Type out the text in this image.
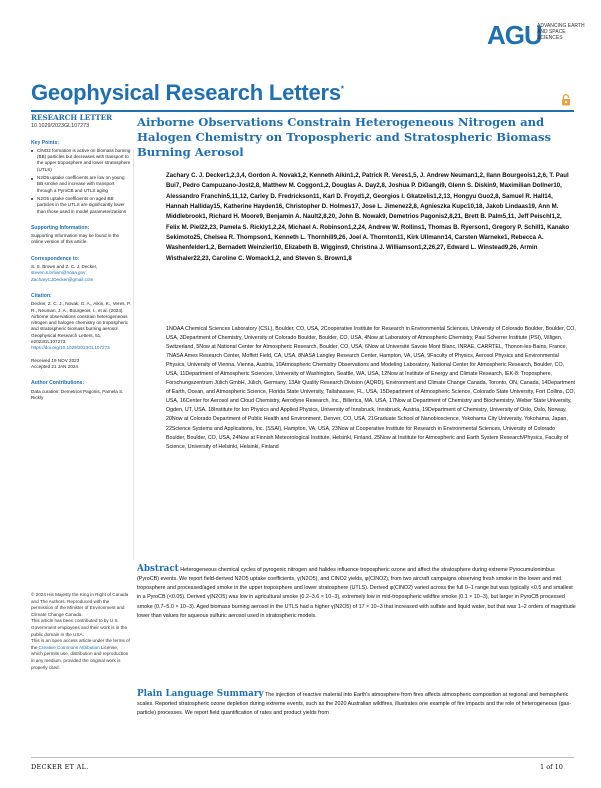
AGU
ADVANCING EARTH AND SPACE SCIENCES
Geophysical Research Letters*
RESEARCH LETTER
10.1029/2023GL107273
Key Points:
ClNO2 formation is active on biomass burning (BB) particles but decreases with transport to the upper troposphere and lower stratosphere (UTLS)
N2O5 uptake coefficients are low on young BB smoke and increase with transport through a PyroCB and UTLS aging
N2O5 uptake coefficients on aged BB particles in the UTLS are significantly lower than those used in model parameterizations
Supporting Information:
Supporting Information may be found in the online version of this article.
Correspondence to:
S. S. Brown and Z. C. J. Decker,
steven.s.brown@noaa.gov;
ZacharyCJDecker@gmail.com
Citation:
Decker, Z. C. J., Novak, G. A., Aikin, K., Veres, P. R., Neuman, J. A., Bourgeois, I., et al. (2024). Airborne observations constrain heterogeneous nitrogen and halogen chemistry on tropospheric and stratospheric biomass burning aerosol. Geophysical Research Letters, 51, e2023GL107273. https://doi.org/10.1029/2023GL107273
Received 19 NOV 2023
Accepted 21 JAN 2024
Author Contributions:
Data curation: Demetrios Pagonis, Pamela S. Rickly
© 2024 His Majesty the King in Right of Canada and The Authors. Reproduced with the permission of the Minister of Environment and Climate Change Canada.
This article has been contributed to by U.S. Government employees and their work is in the public domain in the USA.
This is an open access article under the terms of the Creative Commons Attribution License, which permits use, distribution and reproduction in any medium, provided the original work is properly cited.
Airborne Observations Constrain Heterogeneous Nitrogen and Halogen Chemistry on Tropospheric and Stratospheric Biomass Burning Aerosol
Zachary C. J. Decker1,2,3,4, Gordon A. Novak1,2, Kenneth Aikin1,2, Patrick R. Veres1,5, J. Andrew Neuman1,2, Ilann Bourgeois1,2,6, T. Paul Bui7, Pedro Campuzano-Jost2,8, Matthew M. Coggon1,2, Douglas A. Day2,8, Joshua P. DiGangi9, Glenn S. Diskin9, Maximilian Dollner10, Alessandro Franchin5,11,12, Carley D. Fredrickson11, Karl D. Froyd1,2, Georgios I. Gkatzelis1,2,13, Hongyu Guo2,8, Samuel R. Hall14, Hannah Halliday15, Katherine Hayden16, Christopher D. Holmes17, Jose L. Jimenez2,8, Agnieszka Kupc10,18, Jakob Lindaas19, Ann M. Middlebrook1, Richard H. Moore9, Benjamin A. Nault2,8,20, John B. Nowak9, Demetrios Pagonis2,8,21, Brett B. Palm5,11, Jeff Peischl1,2, Felix M. Piel22,23, Pamela S. Rickly1,2,24, Michael A. Robinson1,2,24, Andrew W. Rollins1, Thomas B. Ryerson1, Gregory P. Schill1, Kanako Sekimoto25, Chelsea R. Thompson1, Kenneth L. Thornhill9,26, Joel A. Thornton11, Kirk Ullmann14, Carsten Warneke1, Rebecca A. Washenfelder1,2, Bernadett Weinzierl10, Elizabeth B. Wiggins9, Christina J. Williamson1,2,26,27, Edward L. Winstead9,26, Armin Wisthaler22,23, Caroline C. Womack1,2, and Steven S. Brown1,8
1NOAA Chemical Sciences Laboratory (CSL), Boulder, CO, USA, 2Cooperative Institute for Research in Environmental Sciences, University of Colorado Boulder, Boulder, CO, USA, 3Department of Chemistry, University of Colorado Boulder, Boulder, CO, USA, 4Now at Laboratory of Atmospheric Chemistry, Paul Scherrer Institute (PSI), Villigen, Switzerland, 5Now at National Center for Atmospheric Research, Boulder, CO, USA, 6Now at Université Savoie Mont Blanc, INRAE, CARRTEL, Thonon-les-Bains, France, 7NASA Ames Research Center, Moffett Field, CA, USA, 8NASA Langley Research Center, Hampton, VA, USA, 9Faculty of Physics, Aerosol Physics and Environmental Physics, University of Vienna, Vienna, Austria, 10Atmospheric Chemistry Observations and Modeling Laboratory, National Center for Atmospheric Research, Boulder, CO, USA, 11Department of Atmospheric Sciences, University of Washington, Seattle, WA, USA, 12Now at Institute of Energy and Climate Research, IEK-8: Troposphere, Forschungszentrum Jülich GmbH, Jülich, Germany, 13Air Quality Research Division (AQRD), Environment and Climate Change Canada, Toronto, ON, Canada, 14Department of Earth, Ocean, and Atmospheric Science, Florida State University, Tallahassee, FL, USA, 15Department of Atmospheric Science, Colorado State University, Fort Collins, CO, USA, 16Center for Aerosol and Cloud Chemistry, Aerodyne Research, Inc., Billerica, MA, USA, 17Now at Department of Chemistry and Biochemistry, Weber State University, Ogden, UT, USA, 18Institute for Ion Physics and Applied Physics, University of Innsbruck, Innsbruck, Austria, 19Department of Chemistry, University of Oslo, Oslo, Norway, 20Now at Colorado Department of Public Health and Environment, Denver, CO, USA, 21Graduate School of Nanobioscience, Yokohama City University, Yokohama, Japan, 22Science Systems and Applications, Inc. (SSAI), Hampton, VA, USA, 23Now at Cooperative Institute for Research in Environmental Sciences, University of Colorado Boulder, Boulder, CO, USA, 24Now at Finnish Meteorological Institute, Helsinki, Finland, 25Now at Institute for Atmospheric and Earth System Research/Physics, Faculty of Science, University of Helsinki, Helsinki, Finland
Abstract Heterogeneous chemical cycles of pyrogenic nitrogen and halides influence tropospheric ozone and affect the stratosphere during extreme Pyrocumulonimbus (PyroCB) events. We report field-derived N2O5 uptake coefficients, γ(N2O5), and ClNO2 yields, φ(ClNO2), from two aircraft campaigns observing fresh smoke in the lower and mid troposphere and processed/aged smoke in the upper troposphere and lower stratosphere (UTLS). Derived φ(ClNO2) varied across the full 0–1 range but was typically <0.5 and smallest in a PyroCB (<0.05). Derived γ(N2O5) was low in agricultural smoke (0.2–3.6 × 10−3), extremely low in mid-tropospheric wildfire smoke (0.1 × 10−3), but larger in PyroCB processed smoke (0.7–5.0 × 10−3). Aged biomass burning aerosol in the UTLS had a higher γ(N2O5) of 17 × 10−3 that increased with sulfate and liquid water, but that was 1–2 orders of magnitude lower than values for aqueous sulfuric aerosol used in stratospheric models.
Plain Language Summary The injection of reactive material into Earth's atmosphere from fires affects atmospheric composition at regional and hemispheric scales. Reported stratospheric ozone depletion during extreme events, such as the 2020 Australian wildfires, illustrates one example of fire impacts and the role of heterogeneous (gas-particle) processes. We report field quantification of rates and product yields from
DECKER ET AL.	1 of 10
